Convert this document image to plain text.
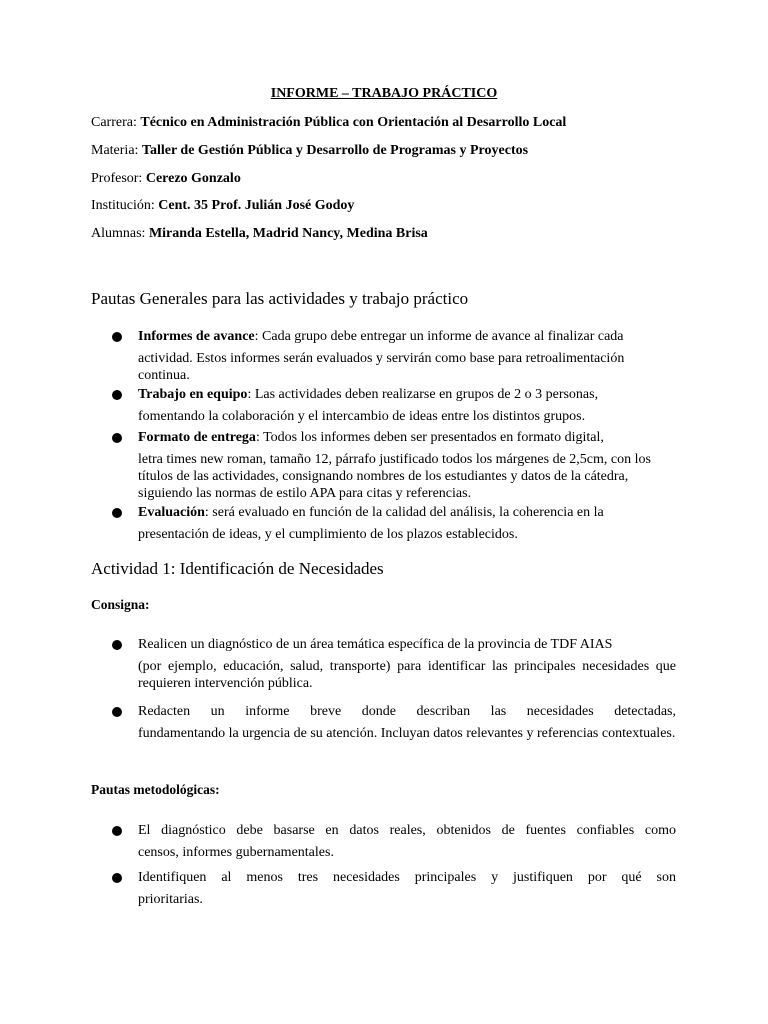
INFORME – TRABAJO PRÁCTICO

Carrera: Técnico en Administración Pública con Orientación al Desarrollo Local

Materia: Taller de Gestión Pública y Desarrollo de Programas y Proyectos

Profesor: Cerezo Gonzalo

Institución: Cent. 35 Prof. Julián José Godoy

Alumnas: Miranda Estella, Madrid Nancy, Medina Brisa

Pautas Generales para las actividades y trabajo práctico
Informes de avance: Cada grupo debe entregar un informe de avance al finalizar cada
actividad. Estos informes serán evaluados y servirán como base para retroalimentación continua.
Trabajo en equipo: Las actividades deben realizarse en grupos de 2 o 3 personas,
fomentando la colaboración y el intercambio de ideas entre los distintos grupos.
Formato de entrega: Todos los informes deben ser presentados en formato digital,
letra times new roman, tamaño 12, párrafo justificado todos los márgenes de 2,5cm, con los títulos de las actividades, consignando nombres de los estudiantes y datos de la cátedra, siguiendo las normas de estilo APA para citas y referencias.
Evaluación: será evaluado en función de la calidad del análisis, la coherencia en la
presentación de ideas, y el cumplimiento de los plazos establecidos.
Actividad 1: Identificación de Necesidades

Consigna:

Realicen un diagnóstico de un área temática específica de la provincia de TDF AIAS
(por ejemplo, educación, salud, transporte) para identificar las principales necesidades que requieren intervención pública.
Redacten un informe breve donde describan las necesidades detectadas,
fundamentando la urgencia de su atención. Incluyan datos relevantes y referencias contextuales.

Pautas metodológicas:

El diagnóstico debe basarse en datos reales, obtenidos de fuentes confiables como
censos, informes gubernamentales.
Identifiquen al menos tres necesidades principales y justifiquen por qué son
prioritarias.
